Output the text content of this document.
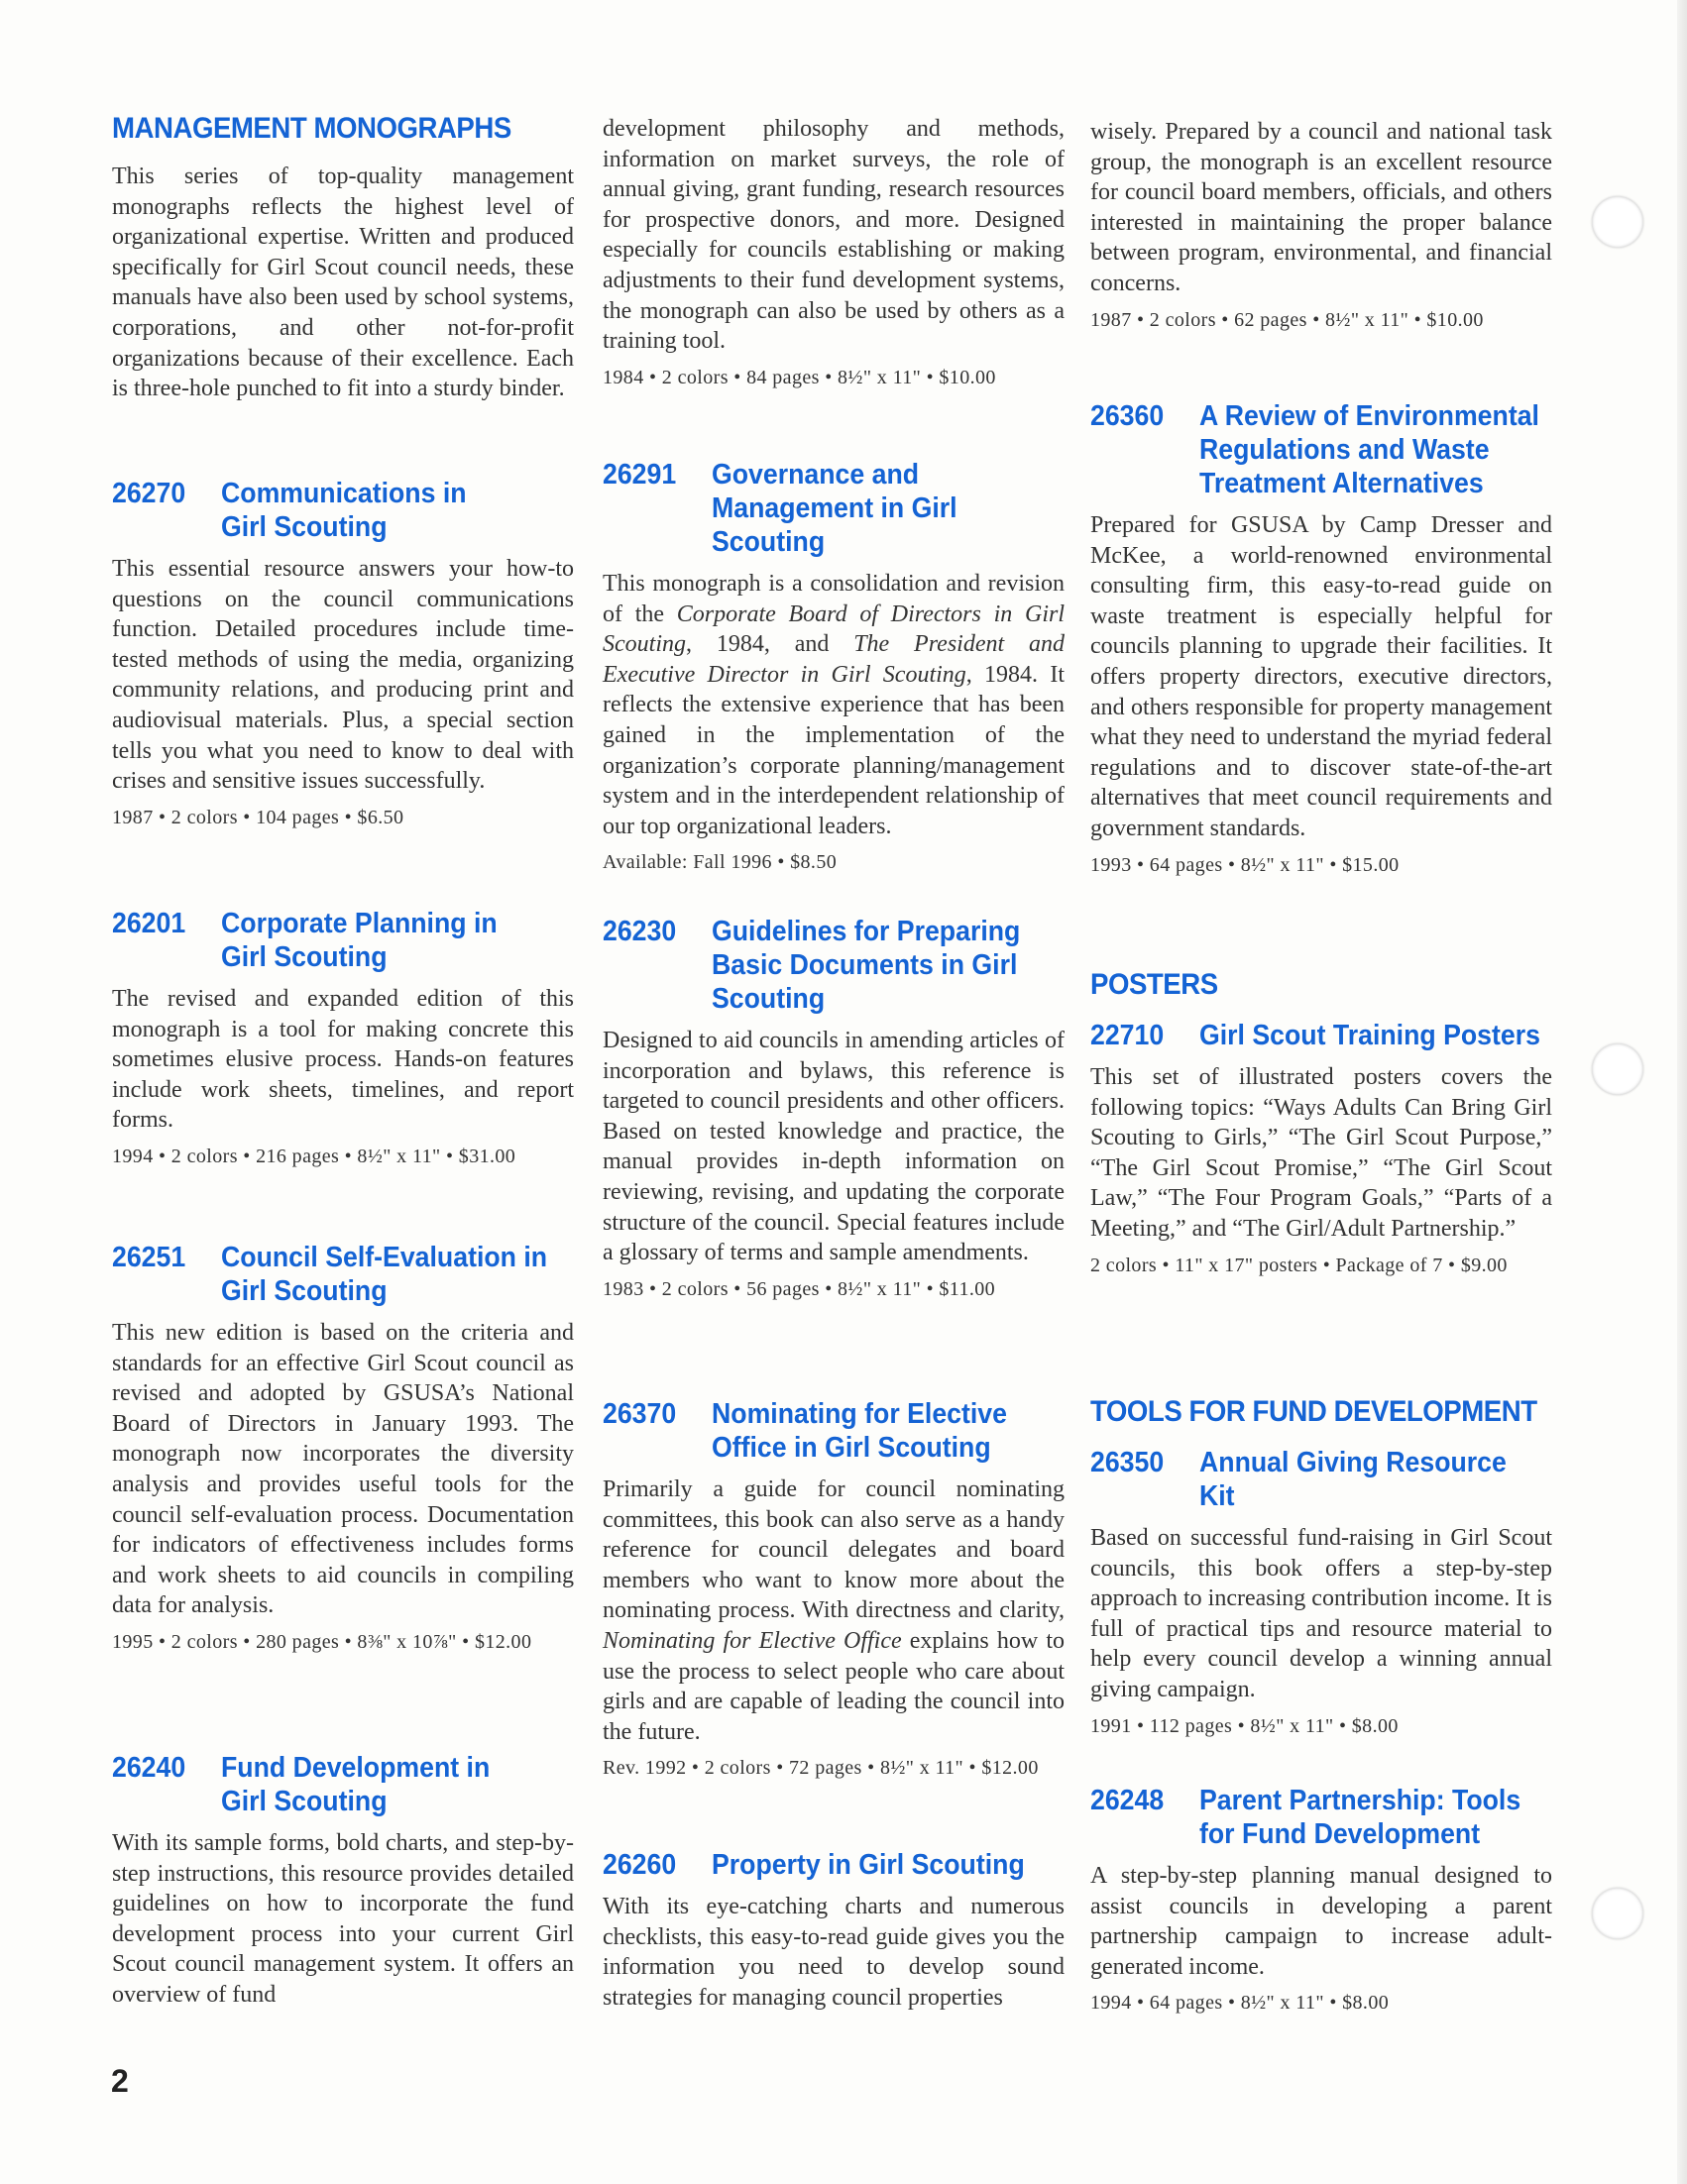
MANAGEMENT MONOGRAPHS

This series of top-quality management monographs reflects the highest level of organizational expertise. Written and produced specifically for Girl Scout council needs, these manuals have also been used by school systems, corporations, and other not-for-profit organizations because of their excellence. Each is three-hole punched to fit into a sturdy binder.

26270	Communications in
Girl Scouting

This essential resource answers your how-to questions on the council communications function. Detailed procedures include time-tested methods of using the media, organizing community relations, and producing print and audiovisual materials. Plus, a special section tells you what you need to know to deal with crises and sensitive issues successfully.

1987 • 2 colors • 104 pages • $6.50

26201	Corporate Planning in
Girl Scouting

The revised and expanded edition of this monograph is a tool for making concrete this sometimes elusive process. Hands-on features include work sheets, timelines, and report forms.

1994 • 2 colors • 216 pages • 8½" x 11" • $31.00

26251	Council Self-Evaluation in
Girl Scouting

This new edition is based on the criteria and standards for an effective Girl Scout council as revised and adopted by GSUSA’s National Board of Directors in January 1993. The monograph now incorporates the diversity analysis and provides useful tools for the council self-evaluation process. Documentation for indicators of effectiveness includes forms and work sheets to aid councils in compiling data for analysis.

1995 • 2 colors • 280 pages • 8⅜" x 10⅞" • $12.00

26240	Fund Development in
Girl Scouting

With its sample forms, bold charts, and step-by-step instructions, this resource provides detailed guidelines on how to incorporate the fund development process into your current Girl Scout council management system. It offers an overview of fund

development philosophy and methods, information on market surveys, the role of annual giving, grant funding, research resources for prospective donors, and more. Designed especially for councils establishing or making adjustments to their fund development systems, the monograph can also be used by others as a training tool.

1984 • 2 colors • 84 pages • 8½" x 11" • $10.00

26291	Governance and
Management in Girl
Scouting

This monograph is a consolidation and revision of the Corporate Board of Directors in Girl Scouting, 1984, and The President and Executive Director in Girl Scouting, 1984. It reflects the extensive experience that has been gained in the implementation of the organization’s corporate planning/management system and in the interdependent relationship of our top organizational leaders.

Available: Fall 1996 • $8.50

26230	Guidelines for Preparing
Basic Documents in Girl
Scouting

Designed to aid councils in amending articles of incorporation and bylaws, this reference is targeted to council presidents and other officers. Based on tested knowledge and practice, the manual provides in-depth information on reviewing, revising, and updating the corporate structure of the council. Special features include a glossary of terms and sample amendments.

1983 • 2 colors • 56 pages • 8½" x 11" • $11.00

26370	Nominating for Elective
Office in Girl Scouting

Primarily a guide for council nominating committees, this book can also serve as a handy reference for council delegates and board members who want to know more about the nominating process. With directness and clarity, Nominating for Elective Office explains how to use the process to select people who care about girls and are capable of leading the council into the future.

Rev. 1992 • 2 colors • 72 pages • 8½" x 11" • $12.00

26260	Property in Girl Scouting

With its eye-catching charts and numerous checklists, this easy-to-read guide gives you the information you need to develop sound strategies for managing council properties

wisely. Prepared by a council and national task group, the monograph is an excellent resource for council board members, officials, and others interested in maintaining the proper balance between program, environmental, and financial concerns.

1987 • 2 colors • 62 pages • 8½" x 11" • $10.00

26360	A Review of Environmental
Regulations and Waste
Treatment Alternatives

Prepared for GSUSA by Camp Dresser and McKee, a world-renowned environmental consulting firm, this easy-to-read guide on waste treatment is especially helpful for councils planning to upgrade their facilities. It offers property directors, executive directors, and others responsible for property management what they need to understand the myriad federal regulations and to discover state-of-the-art alternatives that meet council requirements and government standards.

1993 • 64 pages • 8½" x 11" • $15.00

POSTERS
22710	Girl Scout Training Posters

This set of illustrated posters covers the following topics: “Ways Adults Can Bring Girl Scouting to Girls,” “The Girl Scout Purpose,” “The Girl Scout Promise,” “The Girl Scout Law,” “The Four Program Goals,” “Parts of a Meeting,” and “The Girl/Adult Partnership.”

2 colors • 11" x 17" posters • Package of 7 • $9.00

TOOLS FOR FUND DEVELOPMENT
26350	Annual Giving Resource
Kit

Based on successful fund-raising in Girl Scout councils, this book offers a step-by-step approach to increasing contribution income. It is full of practical tips and resource material to help every council develop a winning annual giving campaign.

1991 • 112 pages • 8½" x 11" • $8.00

26248	Parent Partnership: Tools
for Fund Development

A step-by-step planning manual designed to assist councils in developing a parent partnership campaign to increase adult-generated income.

1994 • 64 pages • 8½" x 11" • $8.00

2
